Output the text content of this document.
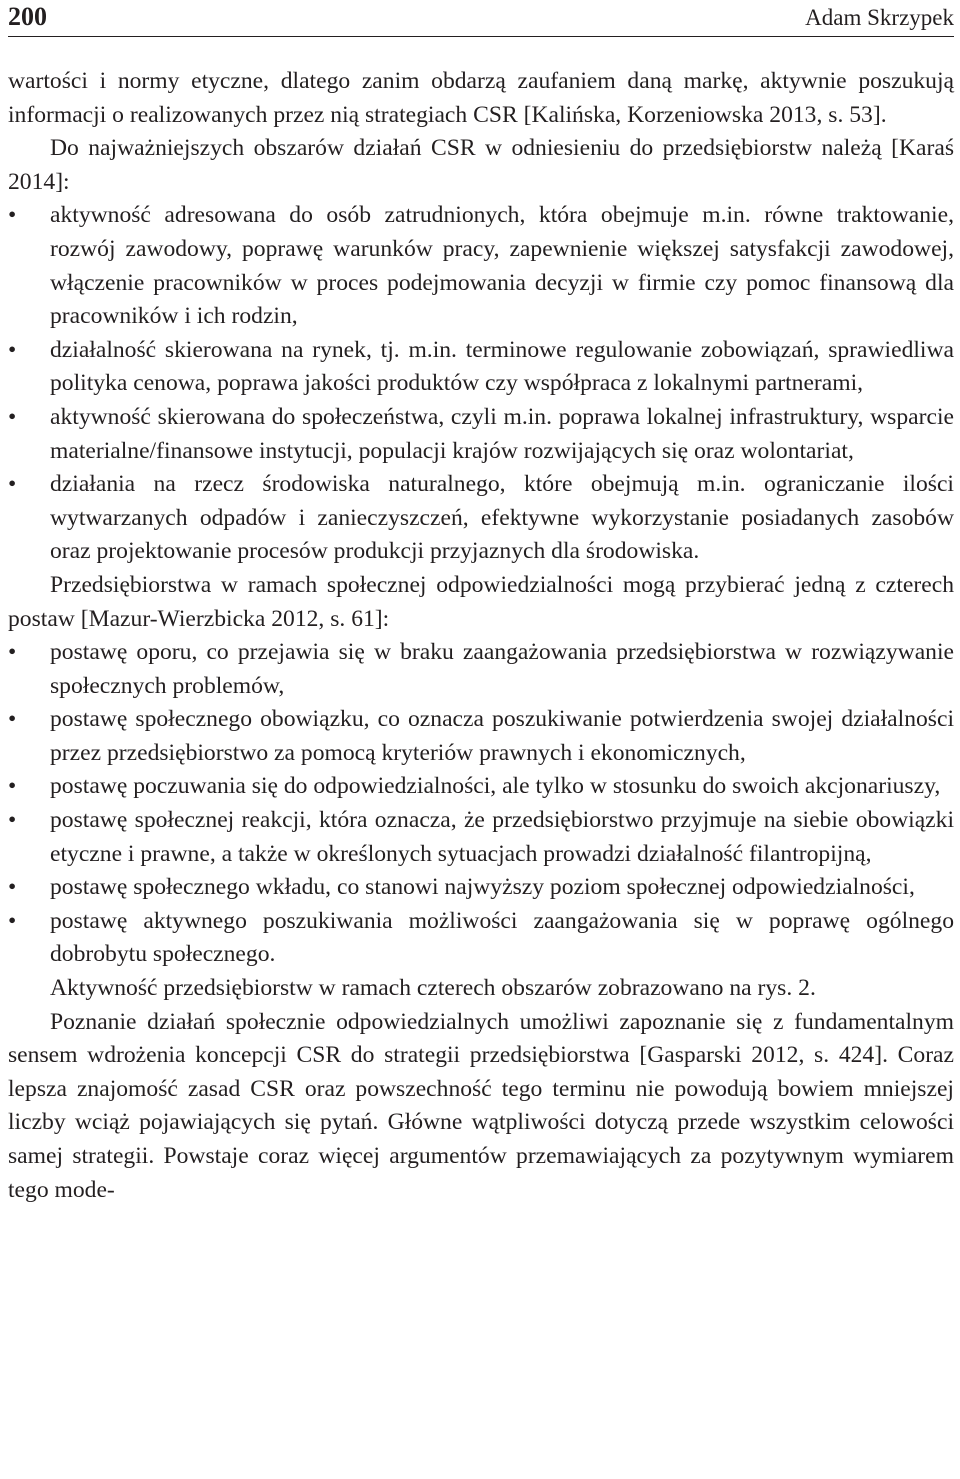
200	Adam Skrzypek

wartości i normy etyczne, dlatego zanim obdarzą zaufaniem daną markę, aktywnie poszukują informacji o realizowanych przez nią strategiach CSR [Kalińska, Korzeniowska 2013, s. 53].

Do najważniejszych obszarów działań CSR w odniesieniu do przedsiębiorstw należą [Karaś 2014]:

• aktywność adresowana do osób zatrudnionych, która obejmuje m.in. równe traktowanie, rozwój zawodowy, poprawę warunków pracy, zapewnienie większej satysfakcji zawodowej, włączenie pracowników w proces podejmowania decyzji w firmie czy pomoc finansową dla pracowników i ich rodzin,
• działalność skierowana na rynek, tj. m.in. terminowe regulowanie zobowiązań, sprawiedliwa polityka cenowa, poprawa jakości produktów czy współpraca z lokalnymi partnerami,
• aktywność skierowana do społeczeństwa, czyli m.in. poprawa lokalnej infrastruktury, wsparcie materialne/finansowe instytucji, populacji krajów rozwijających się oraz wolontariat,
• działania na rzecz środowiska naturalnego, które obejmują m.in. ograniczanie ilości wytwarzanych odpadów i zanieczyszczeń, efektywne wykorzystanie posiadanych zasobów oraz projektowanie procesów produkcji przyjaznych dla środowiska.

Przedsiębiorstwa w ramach społecznej odpowiedzialności mogą przybierać jedną z czterech postaw [Mazur-Wierzbicka 2012, s. 61]:

• postawę oporu, co przejawia się w braku zaangażowania przedsiębiorstwa w rozwiązywanie społecznych problemów,
• postawę społecznego obowiązku, co oznacza poszukiwanie potwierdzenia swojej działalności przez przedsiębiorstwo za pomocą kryteriów prawnych i ekonomicznych,
• postawę poczuwania się do odpowiedzialności, ale tylko w stosunku do swoich akcjonariuszy,
• postawę społecznej reakcji, która oznacza, że przedsiębiorstwo przyjmuje na siebie obowiązki etyczne i prawne, a także w określonych sytuacjach prowadzi działalność filantropijną,
• postawę społecznego wkładu, co stanowi najwyższy poziom społecznej odpowiedzialności,
• postawę aktywnego poszukiwania możliwości zaangażowania się w poprawę ogólnego dobrobytu społecznego.

Aktywność przedsiębiorstw w ramach czterech obszarów zobrazowano na rys. 2.

Poznanie działań społecznie odpowiedzialnych umożliwi zapoznanie się z fundamentalnym sensem wdrożenia koncepcji CSR do strategii przedsiębiorstwa [Gasparski 2012, s. 424]. Coraz lepsza znajomość zasad CSR oraz powszechność tego terminu nie powodują bowiem mniejszej liczby wciąż pojawiających się pytań. Główne wątpliwości dotyczą przede wszystkim celowości samej strategii. Powstaje coraz więcej argumentów przemawiających za pozytywnym wymiarem tego mode-
